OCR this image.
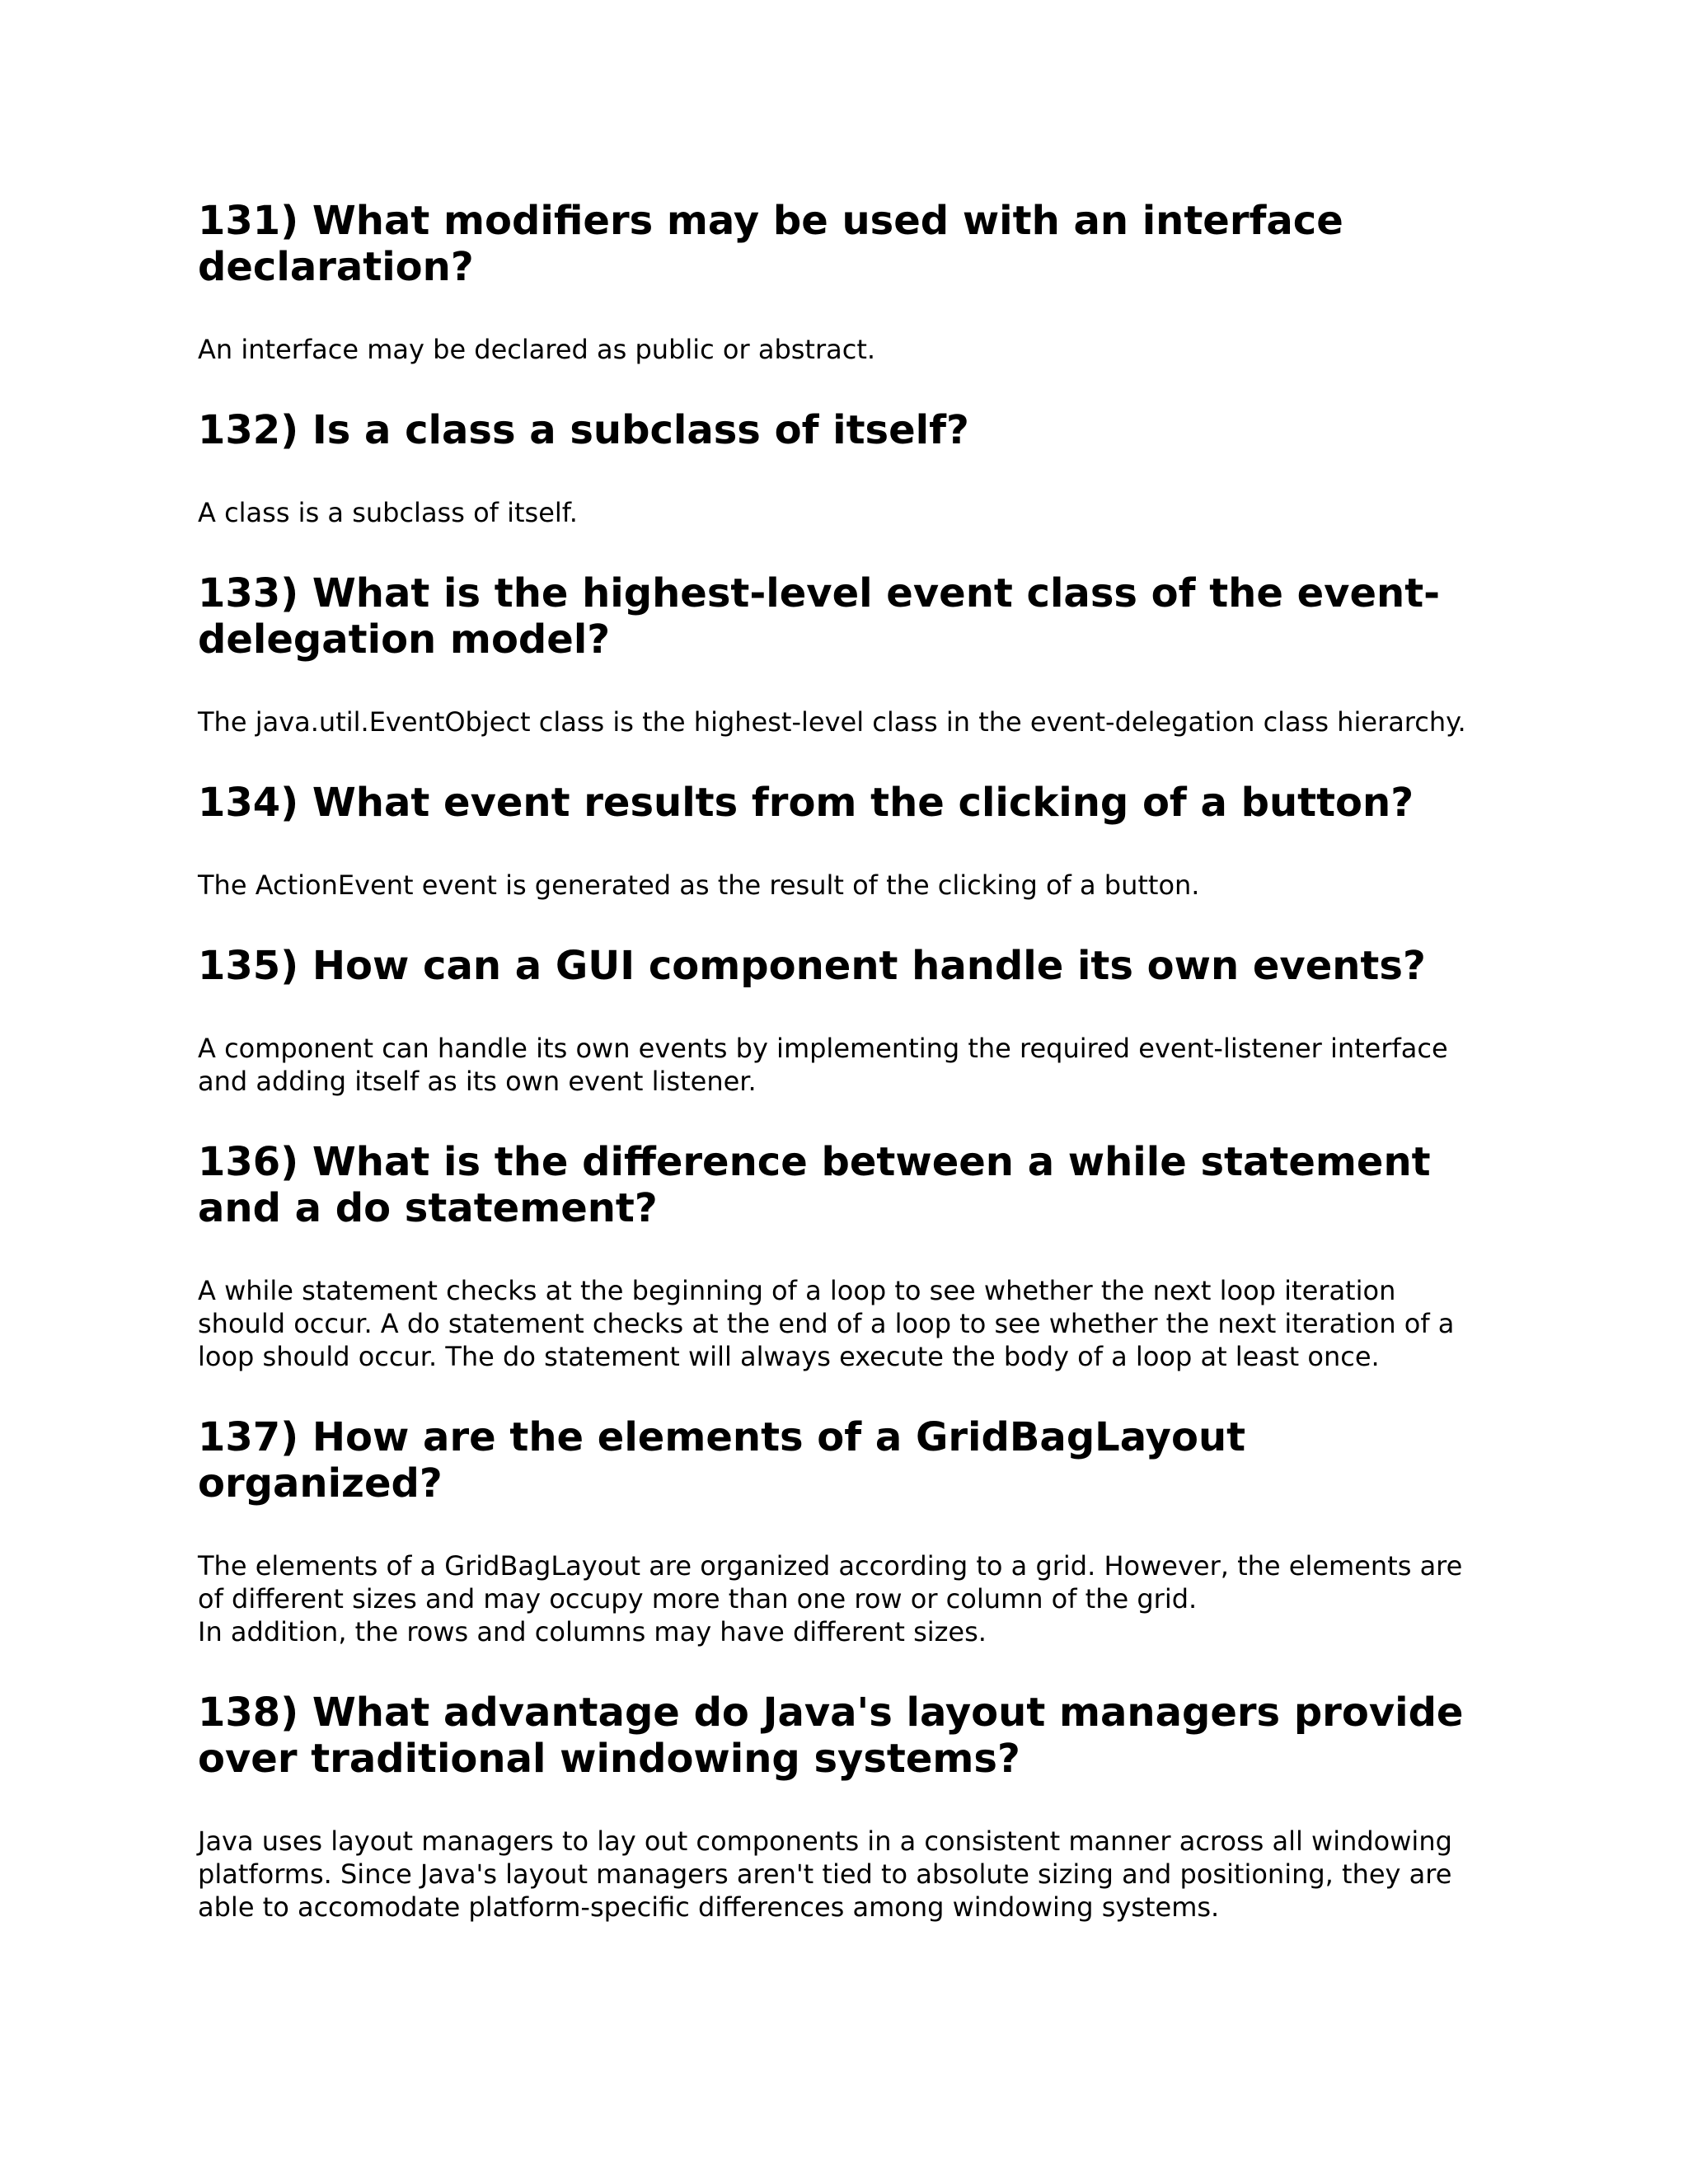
131) What modifiers may be used with an interface declaration?

An interface may be declared as public or abstract.

132) Is a class a subclass of itself?

A class is a subclass of itself.

133) What is the highest-level event class of the event-delegation model?

The java.util.EventObject class is the highest-level class in the event-delegation class hierarchy.

134) What event results from the clicking of a button?

The ActionEvent event is generated as the result of the clicking of a button.

135) How can a GUI component handle its own events?

A component can handle its own events by implementing the required event-listener interface and adding itself as its own event listener.

136) What is the difference between a while statement and a do statement?

A while statement checks at the beginning of a loop to see whether the next loop iteration should occur. A do statement checks at the end of a loop to see whether the next iteration of a loop should occur. The do statement will always execute the body of a loop at least once.

137) How are the elements of a GridBagLayout organized?

The elements of a GridBagLayout are organized according to a grid. However, the elements are of different sizes and may occupy more than one row or column of the grid.
In addition, the rows and columns may have different sizes.

138) What advantage do Java's layout managers provide over traditional windowing systems?

Java uses layout managers to lay out components in a consistent manner across all windowing platforms. Since Java's layout managers aren't tied to absolute sizing and positioning, they are able to accomodate platform-specific differences among windowing systems.
